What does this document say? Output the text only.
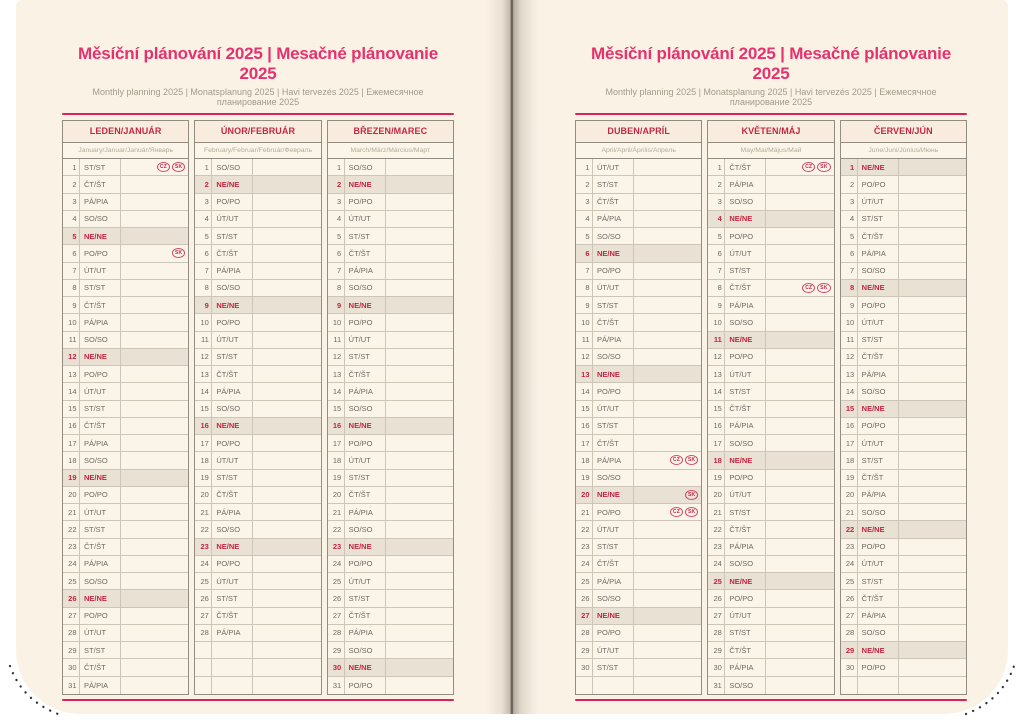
Měsíční plánování 2025 | Mesačné plánovanie 2025
Monthly planning 2025 | Monatsplanung 2025 | Havi tervezés 2025 | Ежемесячное планирование 2025
LEDEN/JANUÁR
January/Januar/Január/Январь
1	ST/ST	CZ	SK
2	ČT/ŠT
3	PÁ/PIA
4	SO/SO
5	NE/NE
6	PO/PO	SK
7	ÚT/UT
8	ST/ST
9	ČT/ŠT
10	PÁ/PIA
11	SO/SO
12	NE/NE
13	PO/PO
14	ÚT/UT
15	ST/ST
16	ČT/ŠT
17	PÁ/PIA
18	SO/SO
19	NE/NE
20	PO/PO
21	ÚT/UT
22	ST/ST
23	ČT/ŠT
24	PÁ/PIA
25	SO/SO
26	NE/NE
27	PO/PO
28	ÚT/UT
29	ST/ST
30	ČT/ŠT
31	PÁ/PIA
ÚNOR/FEBRUÁR
February/Februar/Február/Февраль
1	SO/SO
2	NE/NE
3	PO/PO
4	ÚT/UT
5	ST/ST
6	ČT/ŠT
7	PÁ/PIA
8	SO/SO
9	NE/NE
10	PO/PO
11	ÚT/UT
12	ST/ST
13	ČT/ŠT
14	PÁ/PIA
15	SO/SO
16	NE/NE
17	PO/PO
18	ÚT/UT
19	ST/ST
20	ČT/ŠT
21	PÁ/PIA
22	SO/SO
23	NE/NE
24	PO/PO
25	ÚT/UT
26	ST/ST
27	ČT/ŠT
28	PÁ/PIA
BŘEZEN/MAREC
March/März/Március/Март
1	SO/SO
2	NE/NE
3	PO/PO
4	ÚT/UT
5	ST/ST
6	ČT/ŠT
7	PÁ/PIA
8	SO/SO
9	NE/NE
10	PO/PO
11	ÚT/UT
12	ST/ST
13	ČT/ŠT
14	PÁ/PIA
15	SO/SO
16	NE/NE
17	PO/PO
18	ÚT/UT
19	ST/ST
20	ČT/ŠT
21	PÁ/PIA
22	SO/SO
23	NE/NE
24	PO/PO
25	ÚT/UT
26	ST/ST
27	ČT/ŠT
28	PÁ/PIA
29	SO/SO
30	NE/NE
31	PO/PO
Měsíční plánování 2025 | Mesačné plánovanie 2025
Monthly planning 2025 | Monatsplanung 2025 | Havi tervezés 2025 | Ежемесячное планирование 2025
DUBEN/APRÍL
April/April/Április/Апрель
1	ÚT/UT
2	ST/ST
3	ČT/ŠT
4	PÁ/PIA
5	SO/SO
6	NE/NE
7	PO/PO
8	ÚT/UT
9	ST/ST
10	ČT/ŠT
11	PÁ/PIA
12	SO/SO
13	NE/NE
14	PO/PO
15	ÚT/UT
16	ST/ST
17	ČT/ŠT
18	PÁ/PIA	CZ	SK
19	SO/SO
20	NE/NE	SK
21	PO/PO	CZ	SK
22	ÚT/UT
23	ST/ST
24	ČT/ŠT
25	PÁ/PIA
26	SO/SO
27	NE/NE
28	PO/PO
29	ÚT/UT
30	ST/ST
KVĚTEN/MÁJ
May/Mai/Május/Май
1	ČT/ŠT	CZ	SK
2	PÁ/PIA
3	SO/SO
4	NE/NE
5	PO/PO
6	ÚT/UT
7	ST/ST
8	ČT/ŠT	CZ	SK
9	PÁ/PIA
10	SO/SO
11	NE/NE
12	PO/PO
13	ÚT/UT
14	ST/ST
15	ČT/ŠT
16	PÁ/PIA
17	SO/SO
18	NE/NE
19	PO/PO
20	ÚT/UT
21	ST/ST
22	ČT/ŠT
23	PÁ/PIA
24	SO/SO
25	NE/NE
26	PO/PO
27	ÚT/UT
28	ST/ST
29	ČT/ŠT
30	PÁ/PIA
31	SO/SO
ČERVEN/JÚN
June/Juni/Június/Июнь
1	NE/NE
2	PO/PO
3	ÚT/UT
4	ST/ST
5	ČT/ŠT
6	PÁ/PIA
7	SO/SO
8	NE/NE
9	PO/PO
10	ÚT/UT
11	ST/ST
12	ČT/ŠT
13	PÁ/PIA
14	SO/SO
15	NE/NE
16	PO/PO
17	ÚT/UT
18	ST/ST
19	ČT/ŠT
20	PÁ/PIA
21	SO/SO
22	NE/NE
23	PO/PO
24	ÚT/UT
25	ST/ST
26	ČT/ŠT
27	PÁ/PIA
28	SO/SO
29	NE/NE
30	PO/PO
